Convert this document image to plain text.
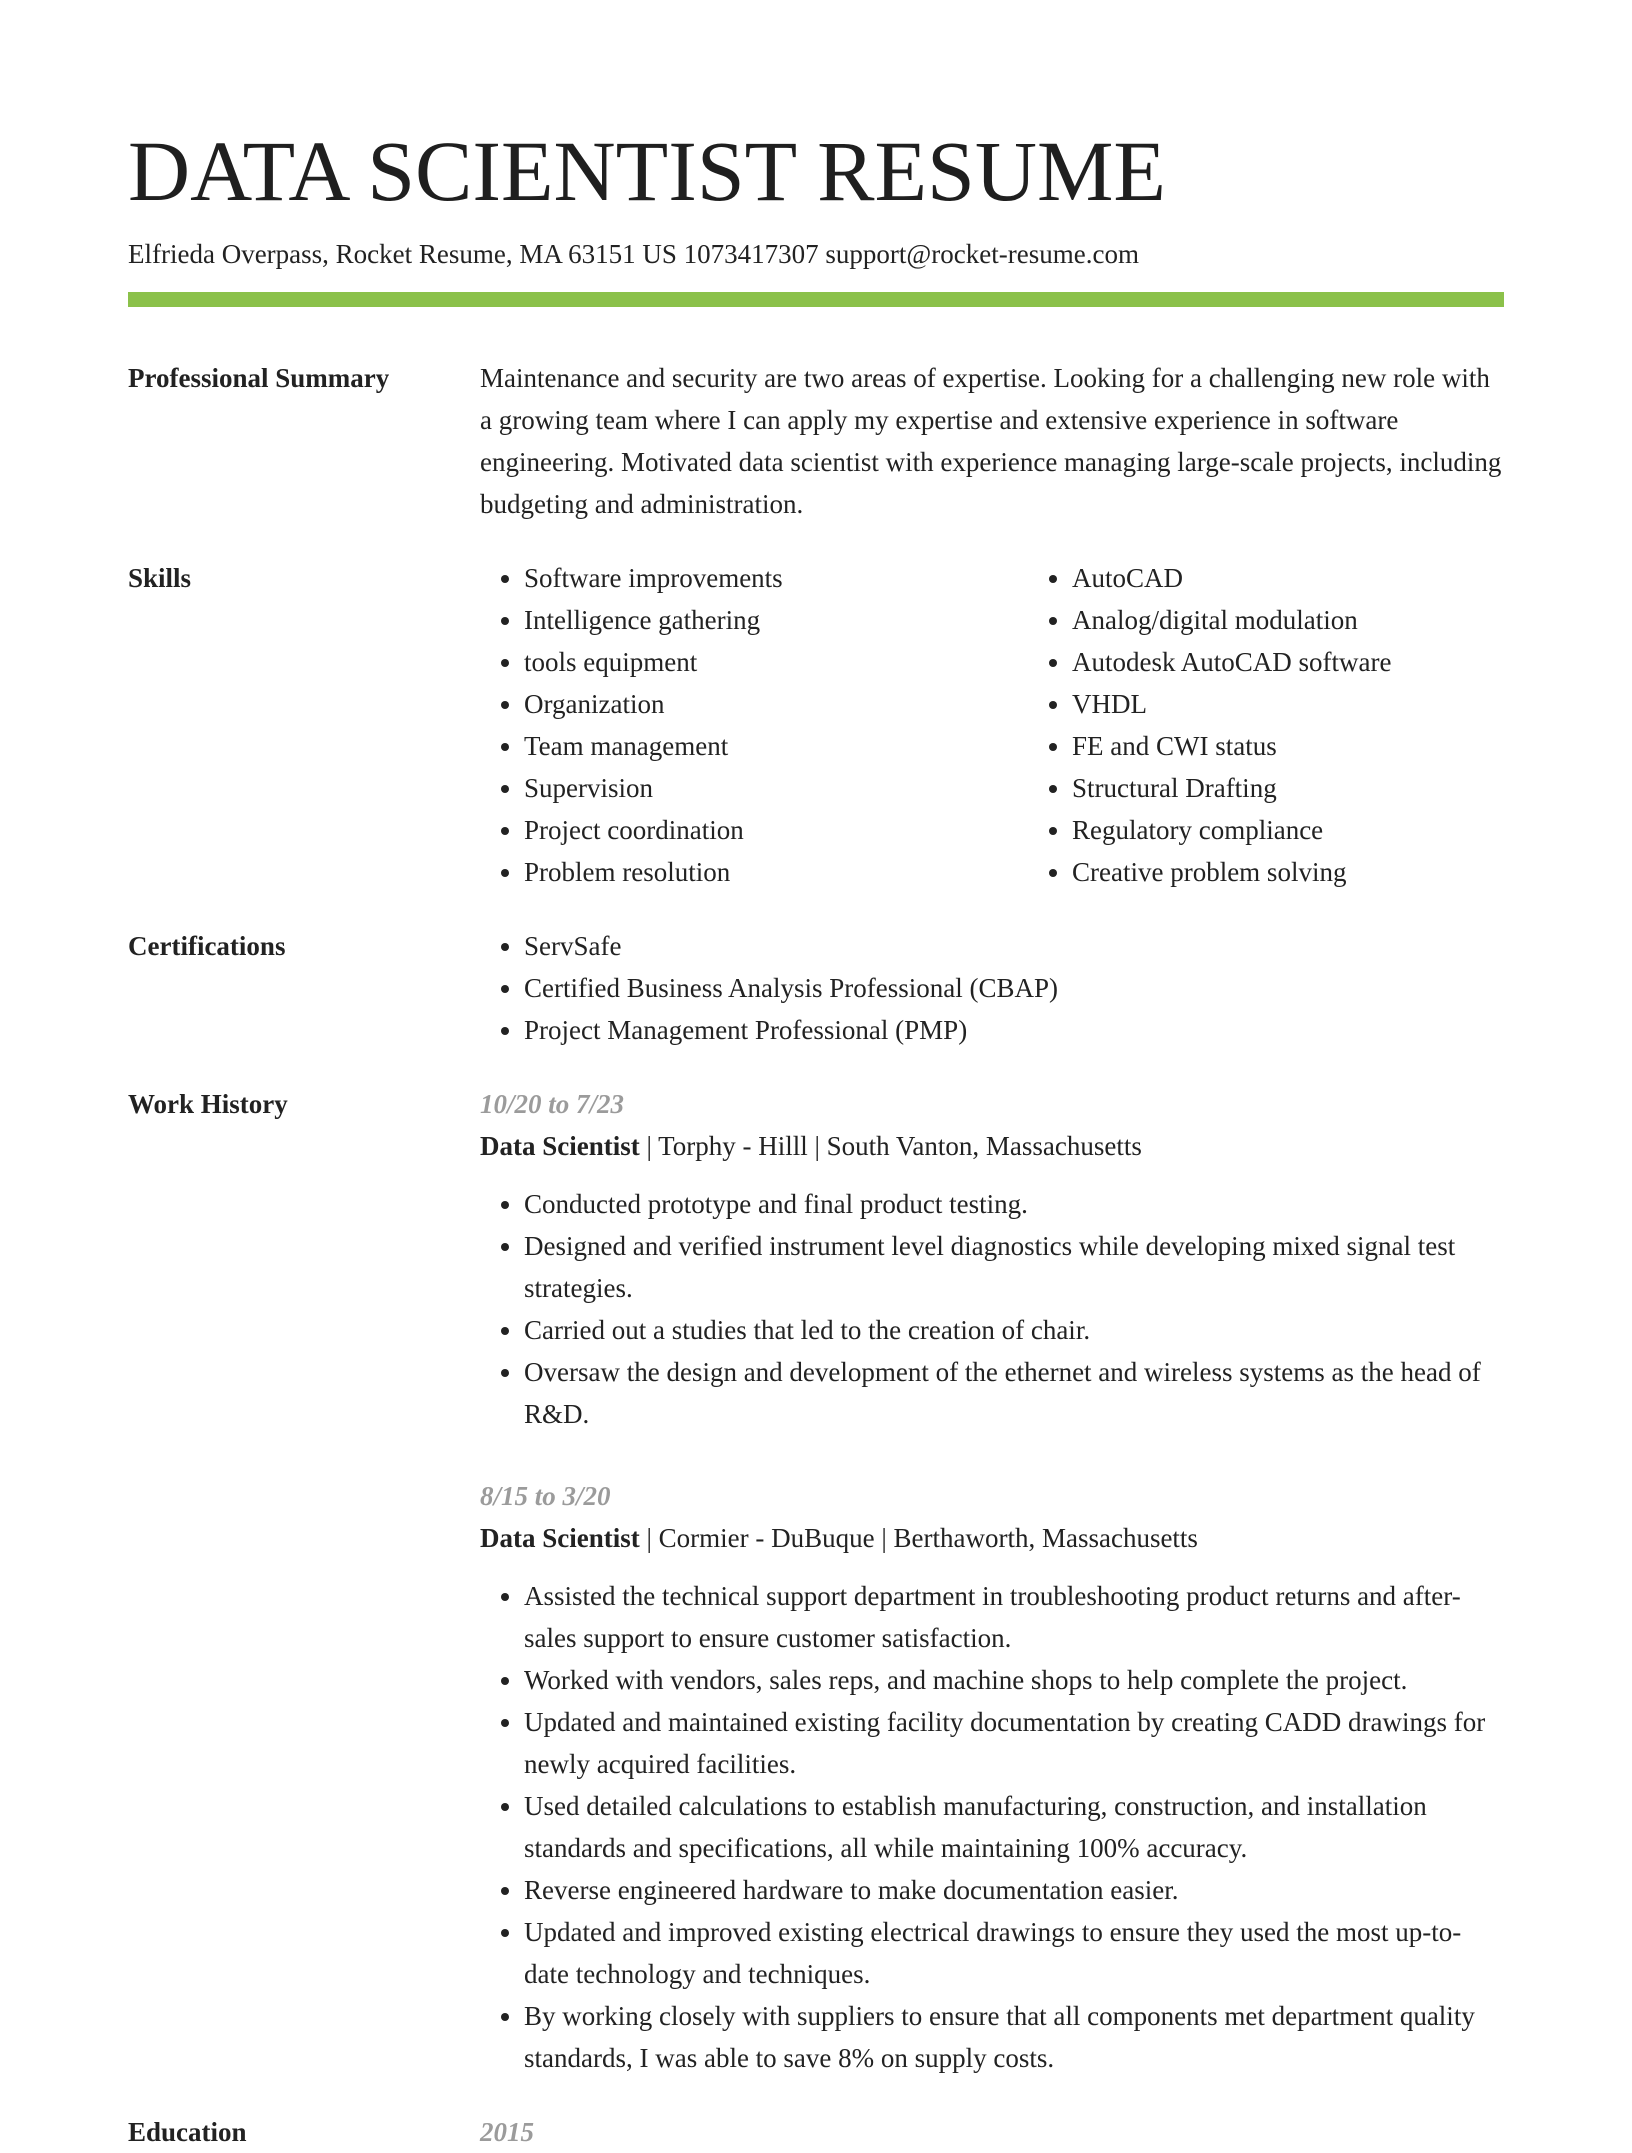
DATA SCIENTIST RESUME
Elfrieda Overpass, Rocket Resume, MA 63151 US 1073417307 support@rocket-resume.com
Professional Summary	Maintenance and security are two areas of expertise. Looking for a challenging new role with a growing team where I can apply my expertise and extensive experience in software engineering. Motivated data scientist with experience managing large-scale projects, including budgeting and administration.

Skills	• Software improvements
• Intelligence gathering
• tools equipment
• Organization
• Team management
• Supervision
• Project coordination
• Problem resolution
• AutoCAD
• Analog/digital modulation
• Autodesk AutoCAD software
• VHDL
• FE and CWI status
• Structural Drafting
• Regulatory compliance
• Creative problem solving
Certifications	• ServSafe
• Certified Business Analysis Professional (CBAP)
• Project Management Professional (PMP)
Work History	10/20 to 7/23
Data Scientist | Torphy - Hilll | South Vanton, Massachusetts
• Conducted prototype and final product testing.
• Designed and verified instrument level diagnostics while developing mixed signal test strategies.
• Carried out a studies that led to the creation of chair.
• Oversaw the design and development of the ethernet and wireless systems as the head of R&D.
8/15 to 3/20
Data Scientist | Cormier - DuBuque | Berthaworth, Massachusetts
• Assisted the technical support department in troubleshooting product returns and after-sales support to ensure customer satisfaction.
• Worked with vendors, sales reps, and machine shops to help complete the project.
• Updated and maintained existing facility documentation by creating CADD drawings for newly acquired facilities.
• Used detailed calculations to establish manufacturing, construction, and installation standards and specifications, all while maintaining 100% accuracy.
• Reverse engineered hardware to make documentation easier.
• Updated and improved existing electrical drawings to ensure they used the most up-to-date technology and techniques.
• By working closely with suppliers to ensure that all components met department quality standards, I was able to save 8% on supply costs.
Education	2015
